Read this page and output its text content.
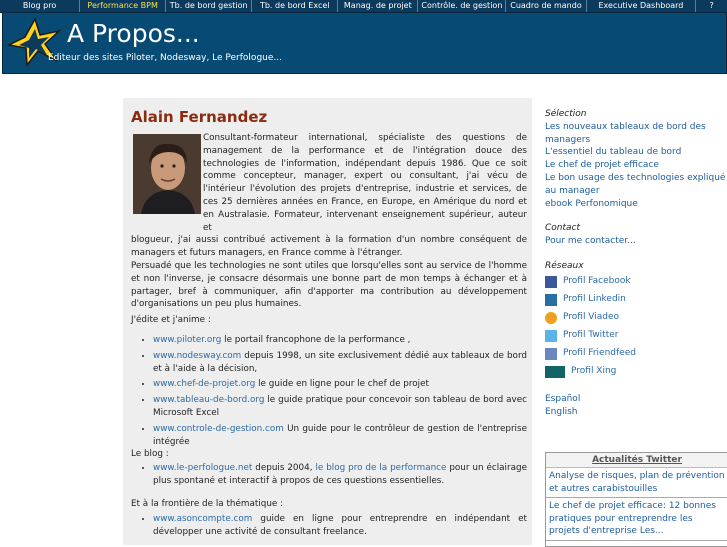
Blog pro	Performance BPM	Tb. de bord gestion	Tb. de bord Excel	Manag. de projet	Contrôle. de gestion Cuadro de mando	Executive Dashboard	?
A Propos...
Editeur des sites Piloter, Nodesway, Le Perfologue...
Alain Fernandez
Consultant-formateur international, spécialiste des questions de management de la performance et de l'intégration douce des technologies de l'information, indépendant depuis 1986. Que ce soit comme concepteur, manager, expert ou consultant, j'ai vécu de l'intérieur l'évolution des projets d'entreprise, industrie et services, de ces 25 dernières années en France, en Europe, en Amérique du nord et en Australasie. Formateur, intervenant enseignement supérieur, auteur et
blogueur, j'ai aussi contribué activement à la formation d'un nombre conséquent de managers et futurs managers, en France comme à l'étranger.
Persuadé que les technologies ne sont utiles que lorsqu'elles sont au service de l'homme et non l'inverse, je consacre désormais une bonne part de mon temps à échanger et à partager, bref à communiquer, afin d'apporter ma contribution au développement d'organisations un peu plus humaines.
J'édite et j'anime :
• www.piloter.org le portail francophone de la performance ,
• www.nodesway.com depuis 1998, un site exclusivement dédié aux tableaux de bord et à l'aide à la décision,
• www.chef-de-projet.org le guide en ligne pour le chef de projet
• www.tableau-de-bord.org le guide pratique pour concevoir son tableau de bord avec Microsoft Excel
• www.controle-de-gestion.com Un guide pour le contrôleur de gestion de l'entreprise intégrée
Le blog :
• www.le-perfologue.net depuis 2004, le blog pro de la performance pour un éclairage plus spontané et interactif à propos de ces questions essentielles.
Et à la frontière de la thématique :
• www.asoncompte.com guide en ligne pour entreprendre en indépendant et développer une activité de consultant freelance.
Sélection
Les nouveaux tableaux de bord des managers
L'essentiel du tableau de bord
Le chef de projet efficace
Le bon usage des technologies expliqué au manager
ebook Perfonomique
Contact
Pour me contacter...
Réseaux
Profil Facebook
Profil Linkedin
Profil Viadeo
Profil Twitter
Profil Friendfeed
Profil Xing
Español
English
Actualités Twitter
Analyse de risques, plan de prévention et autres carabistouilles
Le chef de projet efficace: 12 bonnes pratiques pour entreprendre les projets d'entreprise Les...
